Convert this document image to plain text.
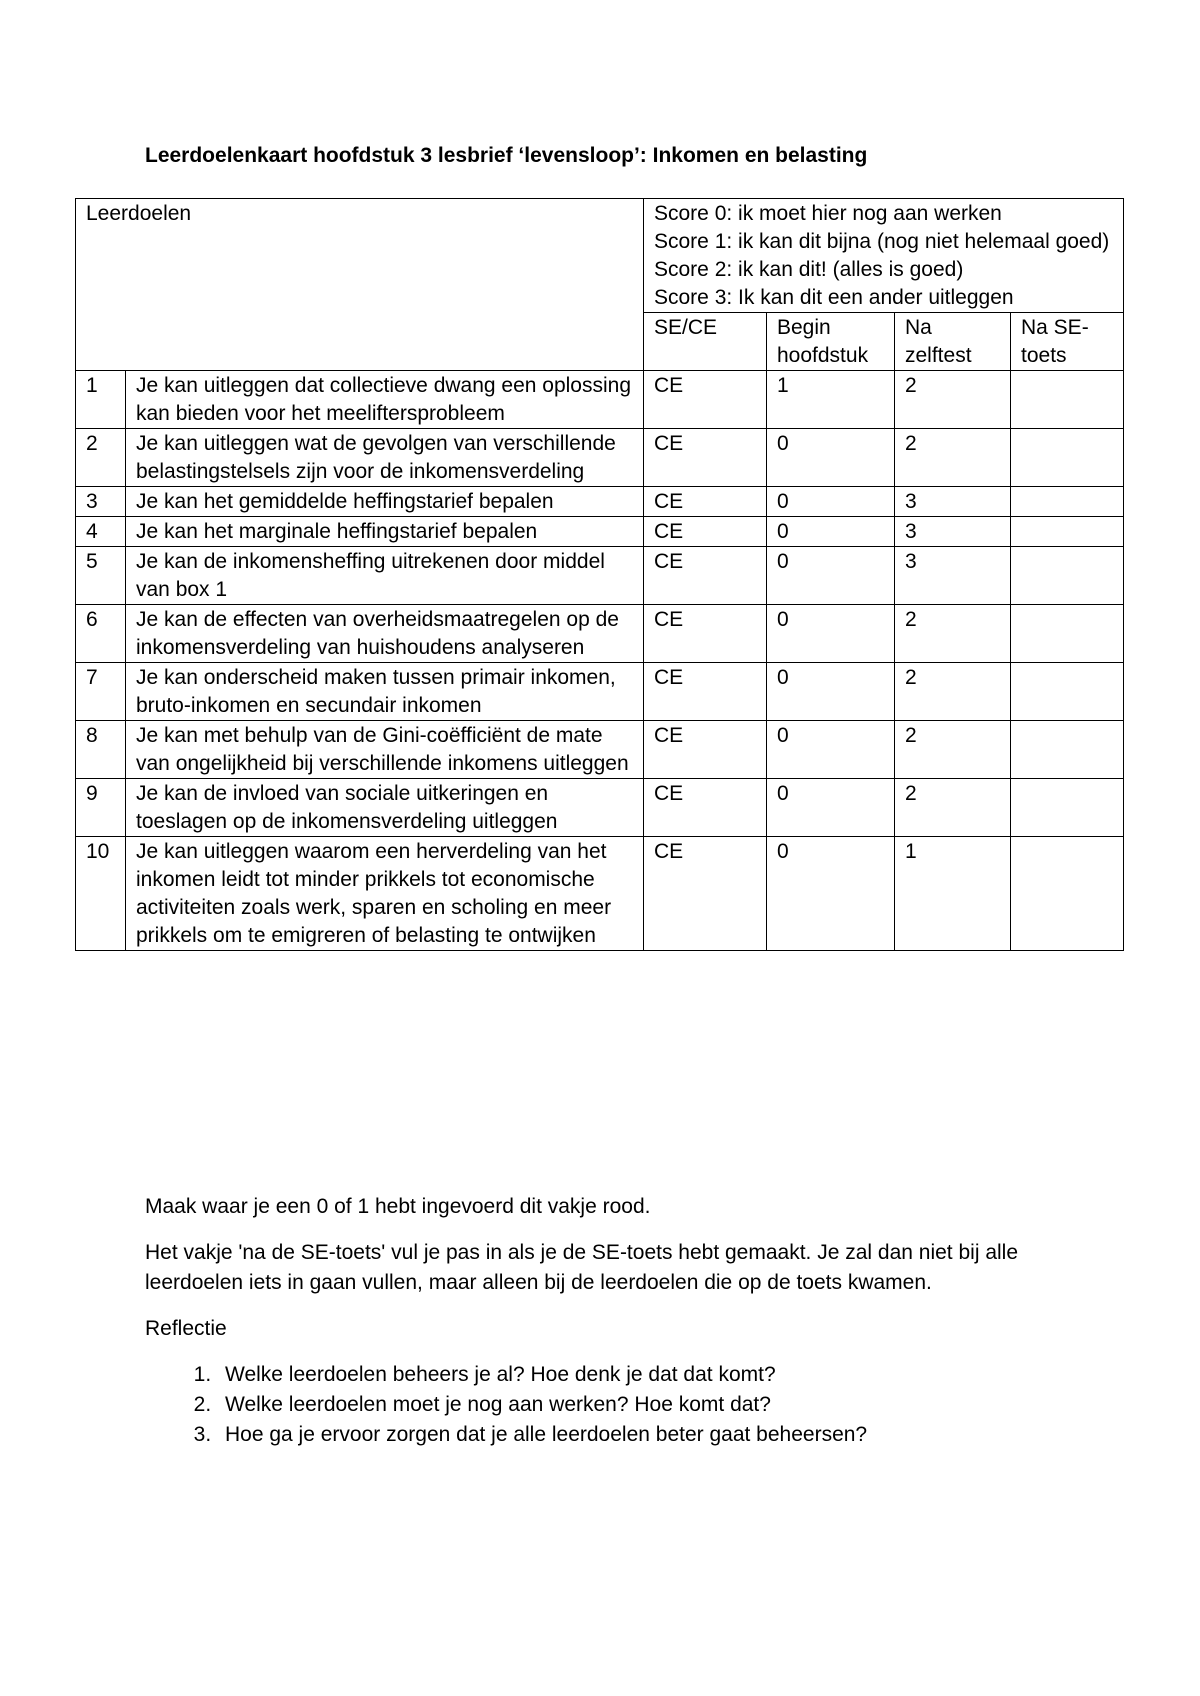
Leerdoelenkaart hoofdstuk 3 lesbrief ‘levensloop’: Inkomen en belasting
Leerdoelen		Score 0: ik moet hier nog aan werken
Score 1: ik kan dit bijna (nog niet helemaal goed)
Score 2: ik kan dit! (alles is goed)
Score 3: Ik kan dit een ander uitleggen			

		SE/CE	Begin hoofdstuk	Na zelftest	Na SE-toets
1	Je kan uitleggen dat collectieve dwang een oplossing kan bieden voor het meeliftersprobleem	CE	1	2	
2	Je kan uitleggen wat de gevolgen van verschillende belastingstelsels zijn voor de inkomensverdeling	CE	0	2	
3	Je kan het gemiddelde heffingstarief bepalen	CE	0	3	
4	Je kan het marginale heffingstarief bepalen	CE	0	3	
5	Je kan de inkomensheffing uitrekenen door middel van box 1	CE	0	3	
6	Je kan de effecten van overheidsmaatregelen op de inkomensverdeling van huishoudens analyseren	CE	0	2	
7	Je kan onderscheid maken tussen primair inkomen, bruto-inkomen en secundair inkomen	CE	0	2	
8	Je kan met behulp van de Gini-coëfficiënt de mate van ongelijkheid bij verschillende inkomens uitleggen	CE	0	2	
9	Je kan de invloed van sociale uitkeringen en toeslagen op de inkomensverdeling uitleggen	CE	0	2	
10	Je kan uitleggen waarom een herverdeling van het inkomen leidt tot minder prikkels tot economische activiteiten zoals werk, sparen en scholing en meer prikkels om te emigreren of belasting te ontwijken	CE	0	1	

Maak waar je een 0 of 1 hebt ingevoerd dit vakje rood.

Het vakje 'na de SE-toets' vul je pas in als je de SE-toets hebt gemaakt. Je zal dan niet bij alle leerdoelen iets in gaan vullen, maar alleen bij de leerdoelen die op de toets kwamen.

Reflectie

1. Welke leerdoelen beheers je al? Hoe denk je dat dat komt?
2. Welke leerdoelen moet je nog aan werken? Hoe komt dat?
3. Hoe ga je ervoor zorgen dat je alle leerdoelen beter gaat beheersen?
